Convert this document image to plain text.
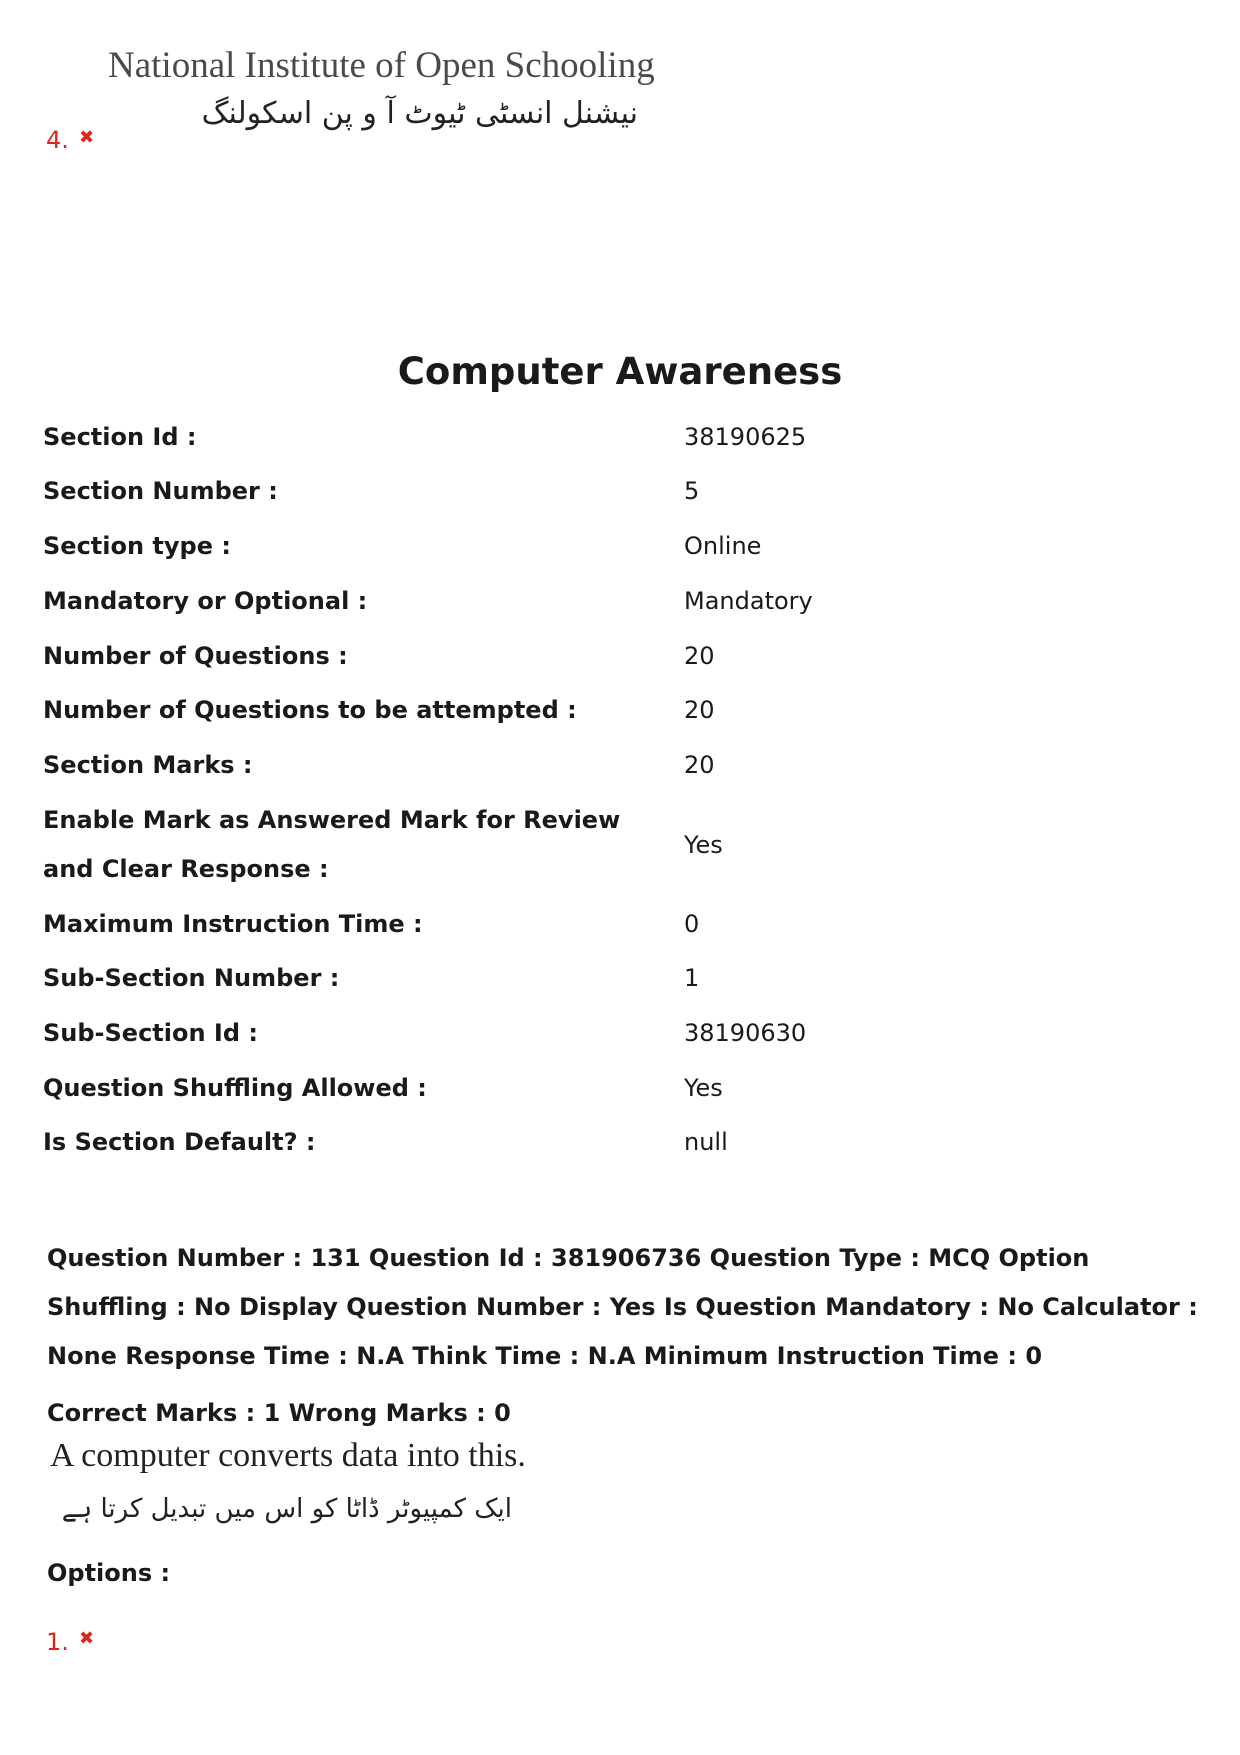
National Institute of Open Schooling
نیشنل انسٹی ٹیوٹ آ و پن اسکولنگ
4. ✖
Computer Awareness
Section Id :	38190625
Section Number :	5
Section type :	Online
Mandatory or Optional :	Mandatory
Number of Questions :	20
Number of Questions to be attempted :	20
Section Marks :	20
Enable Mark as Answered Mark for Review and Clear Response :
Yes
Maximum Instruction Time :	0
Sub-Section Number :	1
Sub-Section Id :	38190630
Question Shuffling Allowed :	Yes
Is Section Default? :	null
Question Number : 131 Question Id : 381906736 Question Type : MCQ Option Shuffling : No Display Question Number : Yes Is Question Mandatory : No Calculator : None Response Time : N.A Think Time : N.A Minimum Instruction Time : 0
Correct Marks : 1 Wrong Marks : 0
A computer converts data into this.
ایک کمپیوٹر ڈاٹا کو اس میں تبدیل کرتا ہے
Options :
1. ✖
